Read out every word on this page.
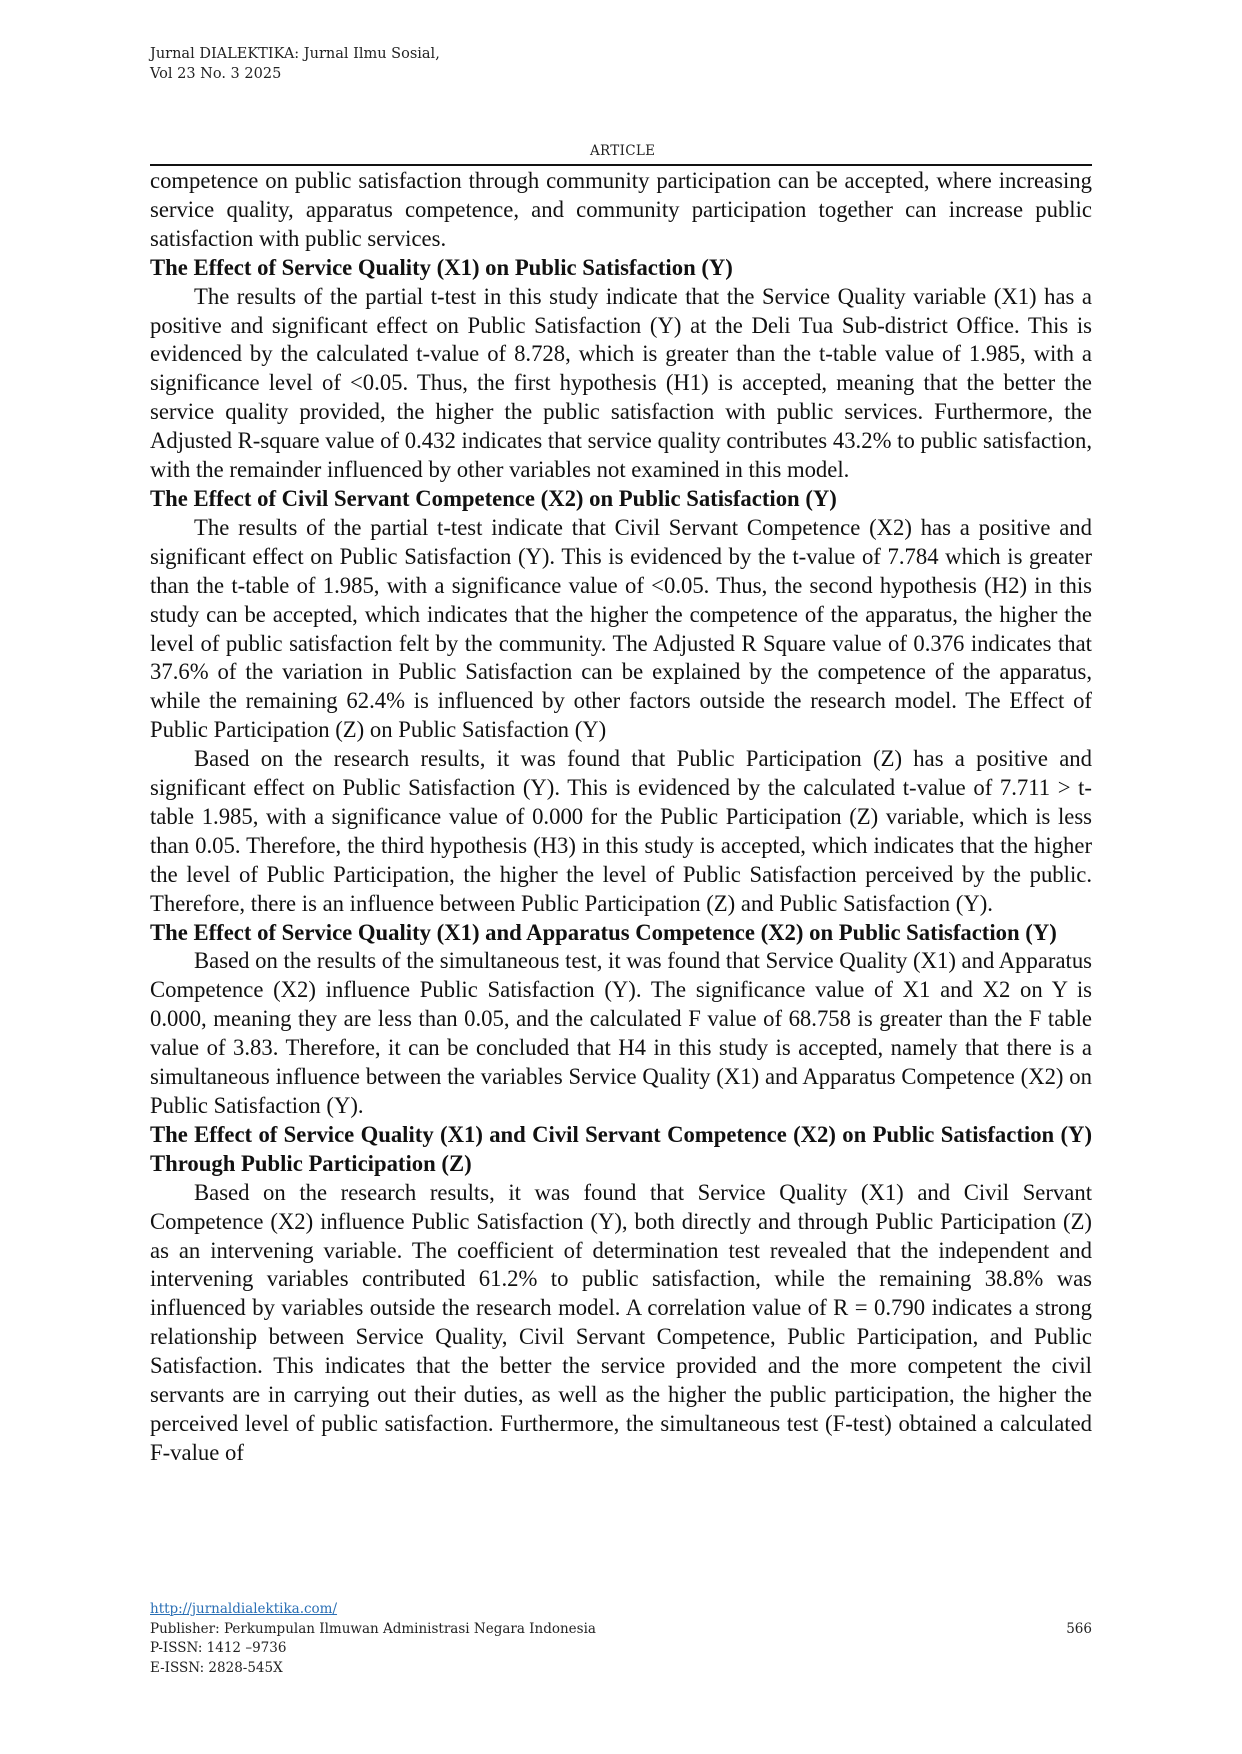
Jurnal DIALEKTIKA: Jurnal Ilmu Sosial,
Vol 23 No. 3 2025
ARTICLE

competence on public satisfaction through community participation can be accepted, where increasing service quality, apparatus competence, and community participation together can increase public satisfaction with public services.

The Effect of Service Quality (X1) on Public Satisfaction (Y)

The results of the partial t-test in this study indicate that the Service Quality variable (X1) has a positive and significant effect on Public Satisfaction (Y) at the Deli Tua Sub-district Office. This is evidenced by the calculated t-value of 8.728, which is greater than the t-table value of 1.985, with a significance level of <0.05. Thus, the first hypothesis (H1) is accepted, meaning that the better the service quality provided, the higher the public satisfaction with public services. Furthermore, the Adjusted R-square value of 0.432 indicates that service quality contributes 43.2% to public satisfaction, with the remainder influenced by other variables not examined in this model.

The Effect of Civil Servant Competence (X2) on Public Satisfaction (Y)

The results of the partial t-test indicate that Civil Servant Competence (X2) has a positive and significant effect on Public Satisfaction (Y). This is evidenced by the t-value of 7.784 which is greater than the t-table of 1.985, with a significance value of <0.05. Thus, the second hypothesis (H2) in this study can be accepted, which indicates that the higher the competence of the apparatus, the higher the level of public satisfaction felt by the community. The Adjusted R Square value of 0.376 indicates that 37.6% of the variation in Public Satisfaction can be explained by the competence of the apparatus, while the remaining 62.4% is influenced by other factors outside the research model. The Effect of Public Participation (Z) on Public Satisfaction (Y)

Based on the research results, it was found that Public Participation (Z) has a positive and significant effect on Public Satisfaction (Y). This is evidenced by the calculated t-value of 7.711 > t-table 1.985, with a significance value of 0.000 for the Public Participation (Z) variable, which is less than 0.05. Therefore, the third hypothesis (H3) in this study is accepted, which indicates that the higher the level of Public Participation, the higher the level of Public Satisfaction perceived by the public. Therefore, there is an influence between Public Participation (Z) and Public Satisfaction (Y).

The Effect of Service Quality (X1) and Apparatus Competence (X2) on Public Satisfaction (Y)

Based on the results of the simultaneous test, it was found that Service Quality (X1) and Apparatus Competence (X2) influence Public Satisfaction (Y). The significance value of X1 and X2 on Y is 0.000, meaning they are less than 0.05, and the calculated F value of 68.758 is greater than the F table value of 3.83. Therefore, it can be concluded that H4 in this study is accepted, namely that there is a simultaneous influence between the variables Service Quality (X1) and Apparatus Competence (X2) on Public Satisfaction (Y).

The Effect of Service Quality (X1) and Civil Servant Competence (X2) on Public Satisfaction (Y) Through Public Participation (Z)

Based on the research results, it was found that Service Quality (X1) and Civil Servant Competence (X2) influence Public Satisfaction (Y), both directly and through Public Participation (Z) as an intervening variable. The coefficient of determination test revealed that the independent and intervening variables contributed 61.2% to public satisfaction, while the remaining 38.8% was influenced by variables outside the research model. A correlation value of R = 0.790 indicates a strong relationship between Service Quality, Civil Servant Competence, Public Participation, and Public Satisfaction. This indicates that the better the service provided and the more competent the civil servants are in carrying out their duties, as well as the higher the public participation, the higher the perceived level of public satisfaction. Furthermore, the simultaneous test (F-test) obtained a calculated F-value of

http://jurnaldialektika.com/
Publisher: Perkumpulan Ilmuwan Administrasi Negara Indonesia
P-ISSN: 1412 –9736
E-ISSN: 2828-545X
566
